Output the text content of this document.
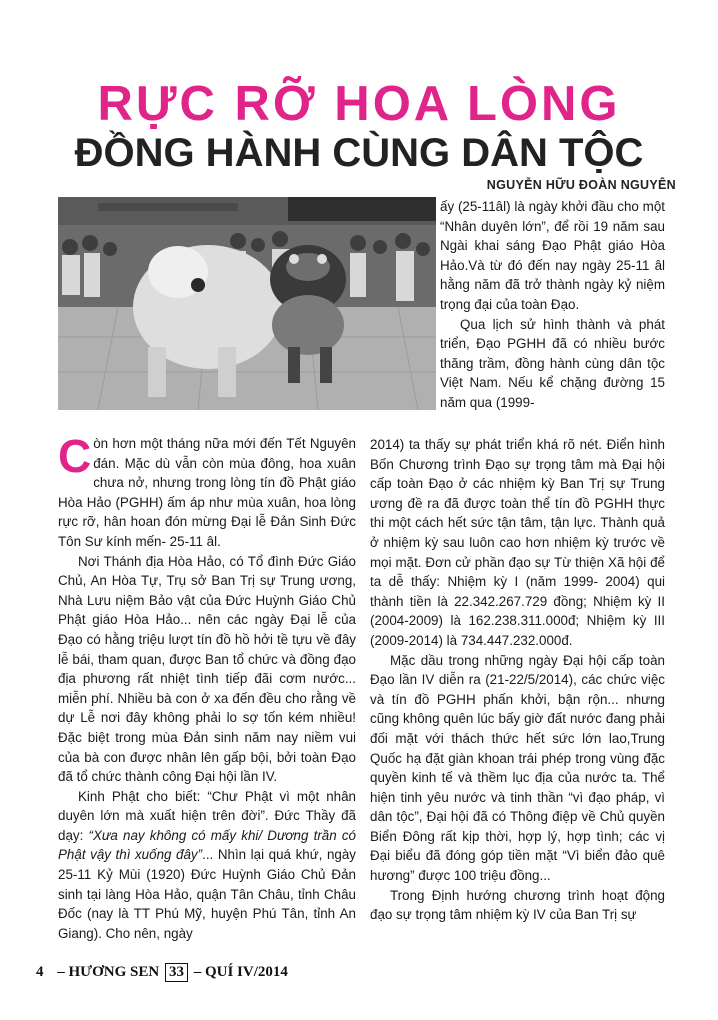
RỰC RỠ HOA LÒNG
ĐỒNG HÀNH CÙNG DÂN TỘC
NGUYỄN HỮU ĐOÀN NGUYÊN

ấy (25-11âl) là ngày khởi đầu cho một “Nhân duyên lớn”, để rồi 19 năm sau Ngài khai sáng Đạo Phật giáo Hòa Hảo.Và từ đó đến nay ngày 25-11 âl hằng năm đã trở thành ngày kỷ niệm trọng đại của toàn Đạo.

Qua lịch sử hình thành và phát triển, Đạo PGHH đã có nhiều bước thăng trầm, đồng hành cùng dân tộc Việt Nam. Nếu kể chặng đường 15 năm qua (1999-

Còn hơn một tháng nữa mới đến Tết Nguyên đán. Mặc dù vẫn còn mùa đông, hoa xuân chưa nở, nhưng trong lòng tín đồ Phật giáo Hòa Hảo (PGHH) ấm áp như mùa xuân, hoa lòng rực rỡ, hân hoan đón mừng Đại lễ Đản Sinh Đức Tôn Sư kính mến- 25-11 âl.

Nơi Thánh địa Hòa Hảo, có Tổ đình Đức Giáo Chủ, An Hòa Tự, Trụ sở Ban Trị sự Trung ương, Nhà Lưu niệm Bảo vật của Đức Huỳnh Giáo Chủ Phật giáo Hòa Hảo... nên các ngày Đại lễ của Đạo có hằng triệu lượt tín đồ hồ hởi tề tựu về đây lễ bái, tham quan, được Ban tổ chức và đồng đạo địa phương rất nhiệt tình tiếp đãi cơm nước... miễn phí. Nhiều bà con ở xa đến đều cho rằng về dự Lễ nơi đây không phải lo sợ tốn kém nhiều! Đặc biệt trong mùa Đản sinh năm nay niềm vui của bà con được nhân lên gấp bội, bởi toàn Đạo đã tổ chức thành công Đại hội lần IV.

Kinh Phật cho biết: “Chư Phật vì một nhân duyên lớn mà xuất hiện trên đời”. Đức Thầy đã dạy: “Xưa nay không có mấy khi/ Dương trần có Phật vậy thì xuống đây”... Nhìn lại quá khứ, ngày 25-11 Kỷ Mùi (1920) Đức Huỳnh Giáo Chủ Đản sinh tại làng Hòa Hảo, quận Tân Châu, tỉnh Châu Đốc (nay là TT Phú Mỹ, huyện Phú Tân, tỉnh An Giang). Cho nên, ngày

2014) ta thấy sự phát triển khá rõ nét. Điển hình Bốn Chương trình Đạo sự trọng tâm mà Đại hội cấp toàn Đạo ở các nhiệm kỳ Ban Trị sự Trung ương đề ra đã được toàn thể tín đồ PGHH thực thi một cách hết sức tận tâm, tận lực. Thành quả ở nhiệm kỳ sau luôn cao hơn nhiệm kỳ trước về mọi mặt. Đơn cử phần đạo sự Từ thiện Xã hội để ta dễ thấy: Nhiệm kỳ I (năm 1999- 2004) qui thành tiền là 22.342.267.729 đồng; Nhiệm kỳ II (2004-2009) là 162.238.311.000đ; Nhiệm kỳ III (2009-2014) là 734.447.232.000đ.

Mặc dầu trong những ngày Đại hội cấp toàn Đạo lần IV diễn ra (21-22/5/2014), các chức việc và tín đồ PGHH phấn khởi, bận rộn... nhưng cũng không quên lúc bấy giờ đất nước đang phải đối mặt với thách thức hết sức lớn lao,Trung Quốc hạ đặt giàn khoan trái phép trong vùng đặc quyền kinh tế và thềm lục địa của nước ta. Thể hiện tinh yêu nước và tinh thần “vì đạo pháp, vì dân tộc”, Đại hội đã có Thông điệp về Chủ quyền Biển Đông rất kịp thời, hợp lý, hợp tình; các vị Đại biểu đã đóng góp tiền mặt “Vì biển đảo quê hương” được 100 triệu đồng...

Trong Định hướng chương trình hoạt động đạo sự trọng tâm nhiệm kỳ IV của Ban Trị sự

4 – HƯƠNG SEN 33 – QUÍ IV/2014
